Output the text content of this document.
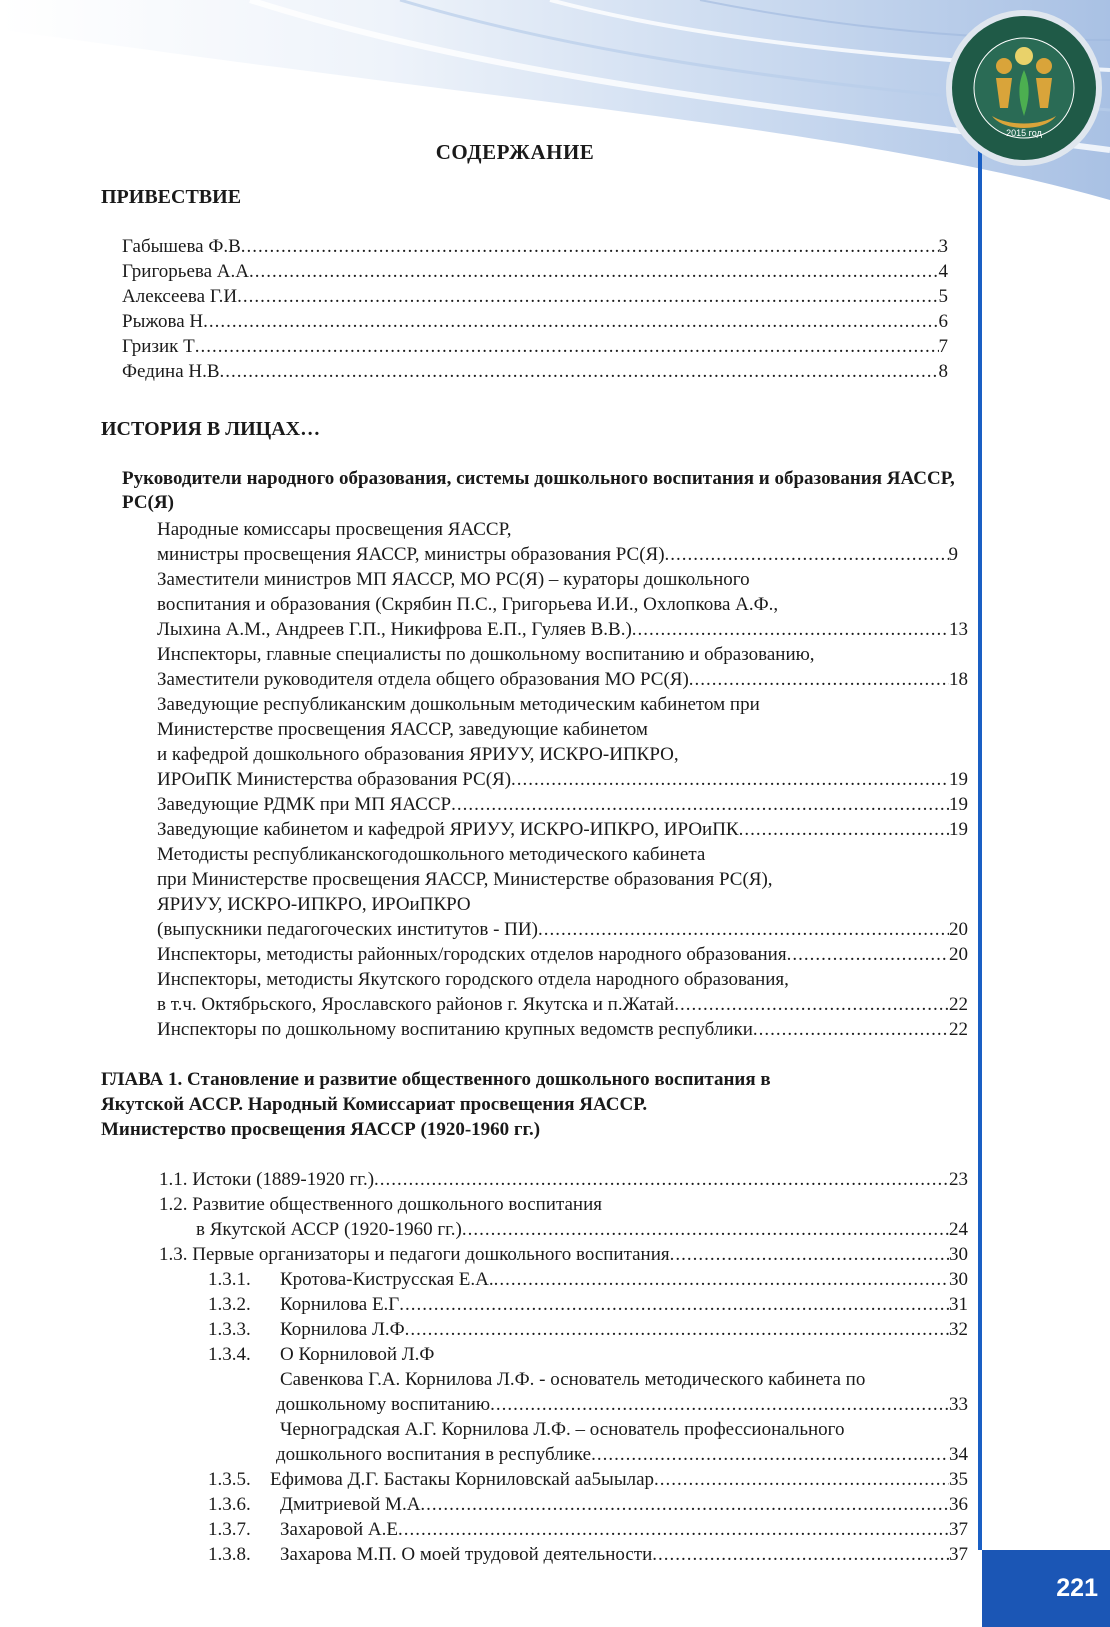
2015 год
СОДЕРЖАНИЕ
ПРИВЕСТВИЕ
Габышева Ф.В .....	3
Григорьева А.А .....	4
Алексеева Г.И .....	5
Рыжова Н .....	6
Гризик Т .....	7
Федина Н.В .....	8
ИСТОРИЯ В ЛИЦАХ…
Руководители народного образования, системы дошкольного воспитания и образования ЯАССР, РС(Я)
Народные комиссары просвещения ЯАССР,
министры просвещения ЯАССР, министры образования РС(Я) .....	9
Заместители министров МП ЯАССР, МО РС(Я) – кураторы дошкольного
воспитания и образования (Скрябин П.С., Григорьева И.И., Охлопкова А.Ф.,
Лыхина А.М., Андреев Г.П., Никифрова Е.П., Гуляев В.В.) .....	13
Инспекторы, главные специалисты по дошкольному воспитанию и образованию,
Заместители руководителя отдела общего образования МО РС(Я) .....	18
Заведующие республиканским дошкольным методическим кабинетом при
Министерстве просвещения ЯАССР, заведующие кабинетом
и кафедрой дошкольного образования ЯРИУУ, ИСКРО-ИПКРО,
ИРОиПК Министерства образования РС(Я) .....	19
Заведующие РДМК при МП ЯАССР .....	19
Заведующие кабинетом и кафедрой ЯРИУУ, ИСКРО-ИПКРО, ИРОиПК .....	19
Методисты республиканскогодошкольного методического кабинета
при Министерстве просвещения ЯАССР, Министерстве образования РС(Я),
ЯРИУУ, ИСКРО-ИПКРО, ИРОиПКРО
(выпускники педагогоческих институтов - ПИ) .....	20
Инспекторы, методисты районных/городских отделов народного образования .....	20
Инспекторы, методисты Якутского городского отдела народного образования,
в т.ч. Октябрьского, Ярославского районов г. Якутска и п.Жатай .....	22
Инспекторы по дошкольному воспитанию крупных ведомств республики .....	22
ГЛАВА 1. Становление и развитие общественного дошкольного воспитания в
Якутской АССР. Народный Комиссариат просвещения ЯАССР.
Министерство просвещения ЯАССР (1920-1960 гг.)
1.1. Истоки (1889-1920 гг.) .....	23
1.2. Развитие общественного дошкольного воспитания
в Якутской АССР (1920-1960 гг.) .....	24
1.3. Первые организаторы и педагоги дошкольного воспитания .....	30
1.3.1. Кротова-Киструсская Е.А. .....	30
1.3.2. Корнилова Е.Г .....	31
1.3.3. Корнилова Л.Ф .....	32
1.3.4. О Корниловой Л.Ф
Савенкова Г.А. Корнилова Л.Ф. - основатель методического кабинета по
дошкольному воспитанию .....	33
Черноградская А.Г. Корнилова Л.Ф. – основатель профессионального
дошкольного воспитания в республике .....	34
1.3.5. Ефимова Д.Г. Бастакы Корниловскай аа5ыылар .....	35
1.3.6. Дмитриевой М.А .....	36
1.3.7. Захаровой А.Е .....	37
1.3.8. Захарова М.П. О моей трудовой деятельности .....	37
221
